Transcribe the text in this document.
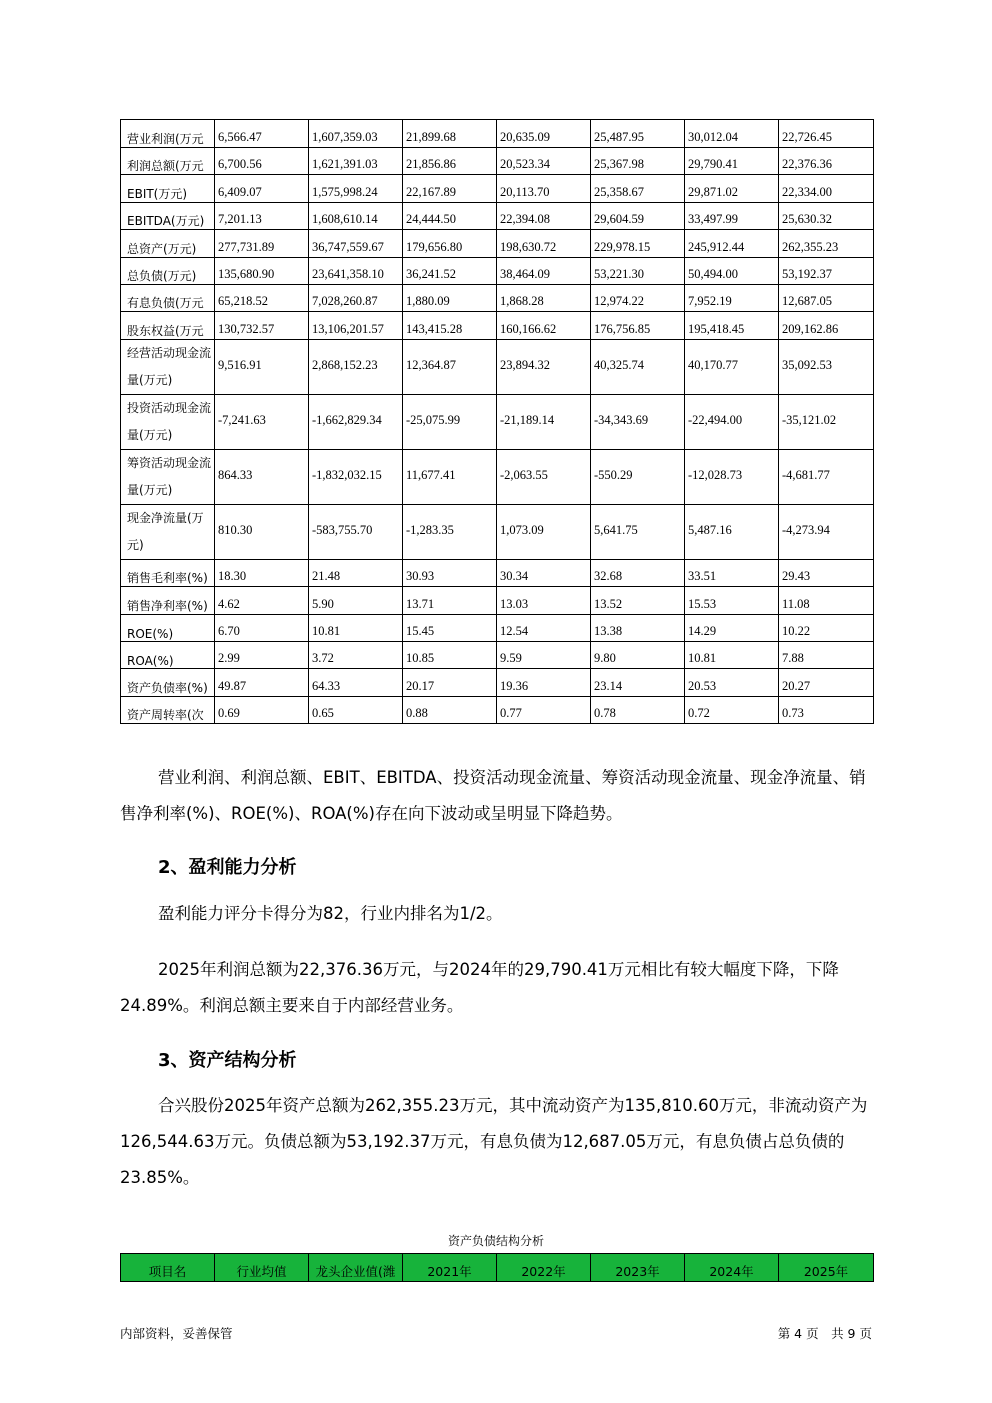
营业利润(万元	6,566.47	1,607,359.03	21,899.68	20,635.09	25,487.95	30,012.04	22,726.45
利润总额(万元	6,700.56	1,621,391.03	21,856.86	20,523.34	25,367.98	29,790.41	22,376.36
EBIT(万元)	6,409.07	1,575,998.24	22,167.89	20,113.70	25,358.67	29,871.02	22,334.00
EBITDA(万元)	7,201.13	1,608,610.14	24,444.50	22,394.08	29,604.59	33,497.99	25,630.32
总资产(万元)	277,731.89	36,747,559.67	179,656.80	198,630.72	229,978.15	245,912.44	262,355.23
总负债(万元)	135,680.90	23,641,358.10	36,241.52	38,464.09	53,221.30	50,494.00	53,192.37
有息负债(万元	65,218.52	7,028,260.87	1,880.09	1,868.28	12,974.22	7,952.19	12,687.05
股东权益(万元	130,732.57	13,106,201.57	143,415.28	160,166.62	176,756.85	195,418.45	209,162.86
经营活动现金流量(万元)	9,516.91	2,868,152.23	12,364.87	23,894.32	40,325.74	40,170.77	35,092.53
投资活动现金流量(万元)	-7,241.63	-1,662,829.34	-25,075.99	-21,189.14	-34,343.69	-22,494.00	-35,121.02
筹资活动现金流量(万元)	864.33	-1,832,032.15	11,677.41	-2,063.55	-550.29	-12,028.73	-4,681.77
现金净流量(万元)	810.30	-583,755.70	-1,283.35	1,073.09	5,641.75	5,487.16	-4,273.94
销售毛利率(%)	18.30	21.48	30.93	30.34	32.68	33.51	29.43
销售净利率(%)	4.62	5.90	13.71	13.03	13.52	15.53	11.08
ROE(%)	6.70	10.81	15.45	12.54	13.38	14.29	10.22
ROA(%)	2.99	3.72	10.85	9.59	9.80	10.81	7.88
资产负债率(%)	49.87	64.33	20.17	19.36	23.14	20.53	20.27
资产周转率(次	0.69	0.65	0.88	0.77	0.78	0.72	0.73
营业利润、利润总额、EBIT、EBITDA、投资活动现金流量、筹资活动现金流量、现金净流量、销售净利率(%)、ROE(%)、ROA(%)存在向下波动或呈明显下降趋势。
2、盈利能力分析
盈利能力评分卡得分为82，行业内排名为1/2。
2025年利润总额为22,376.36万元，与2024年的29,790.41万元相比有较大幅度下降，下降24.89%。利润总额主要来自于内部经营业务。
3、资产结构分析
合兴股份2025年资产总额为262,355.23万元，其中流动资产为135,810.60万元，非流动资产为126,544.63万元。负债总额为53,192.37万元，有息负债为12,687.05万元，有息负债占总负债的23.85%。
资产负债结构分析
项目名	行业均值	龙头企业值(潍	2021年	2022年	2023年	2024年	2025年
内部资料，妥善保管	第 4 页　共 9 页
